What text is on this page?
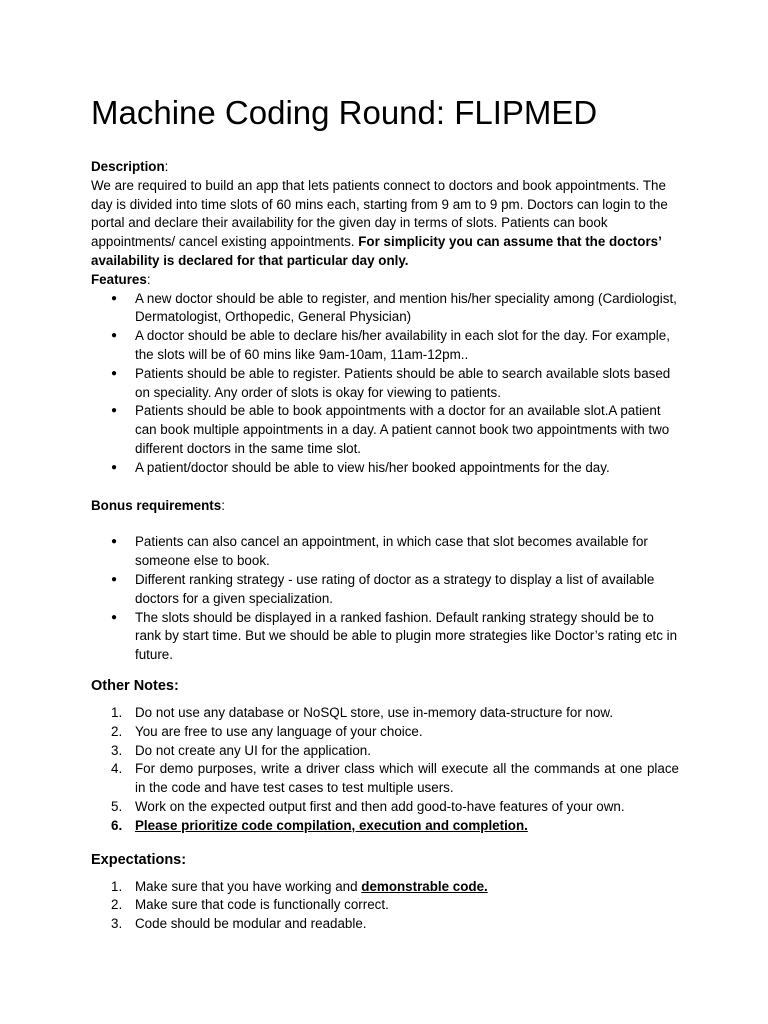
Machine Coding Round: FLIPMED

Description:

We are required to build an app that lets patients connect to doctors and book appointments. The day is divided into time slots of 60 mins each, starting from 9 am to 9 pm. Doctors can login to the portal and declare their availability for the given day in terms of slots. Patients can book appointments/ cancel existing appointments. For simplicity you can assume that the doctors’ availability is declared for that particular day only.

Features:

● A new doctor should be able to register, and mention his/her speciality among (Cardiologist, Dermatologist, Orthopedic, General Physician)
● A doctor should be able to declare his/her availability in each slot for the day. For example, the slots will be of 60 mins like 9am-10am, 11am-12pm..
● Patients should be able to register. Patients should be able to search available slots based on speciality. Any order of slots is okay for viewing to patients.
● Patients should be able to book appointments with a doctor for an available slot.A patient can book multiple appointments in a day. A patient cannot book two appointments with two different doctors in the same time slot.
● A patient/doctor should be able to view his/her booked appointments for the day.

Bonus requirements:

● Patients can also cancel an appointment, in which case that slot becomes available for someone else to book.
● Different ranking strategy - use rating of doctor as a strategy to display a list of available doctors for a given specialization.
● The slots should be displayed in a ranked fashion. Default ranking strategy should be to rank by start time. But we should be able to plugin more strategies like Doctor’s rating etc in future.

Other Notes:

1. Do not use any database or NoSQL store, use in-memory data-structure for now.
2. You are free to use any language of your choice.
3. Do not create any UI for the application.
4. For demo purposes, write a driver class which will execute all the commands at one place in the code and have test cases to test multiple users.
5. Work on the expected output first and then add good-to-have features of your own.
6. Please prioritize code compilation, execution and completion.

Expectations:

1. Make sure that you have working and demonstrable code.
2. Make sure that code is functionally correct.
3. Code should be modular and readable.
